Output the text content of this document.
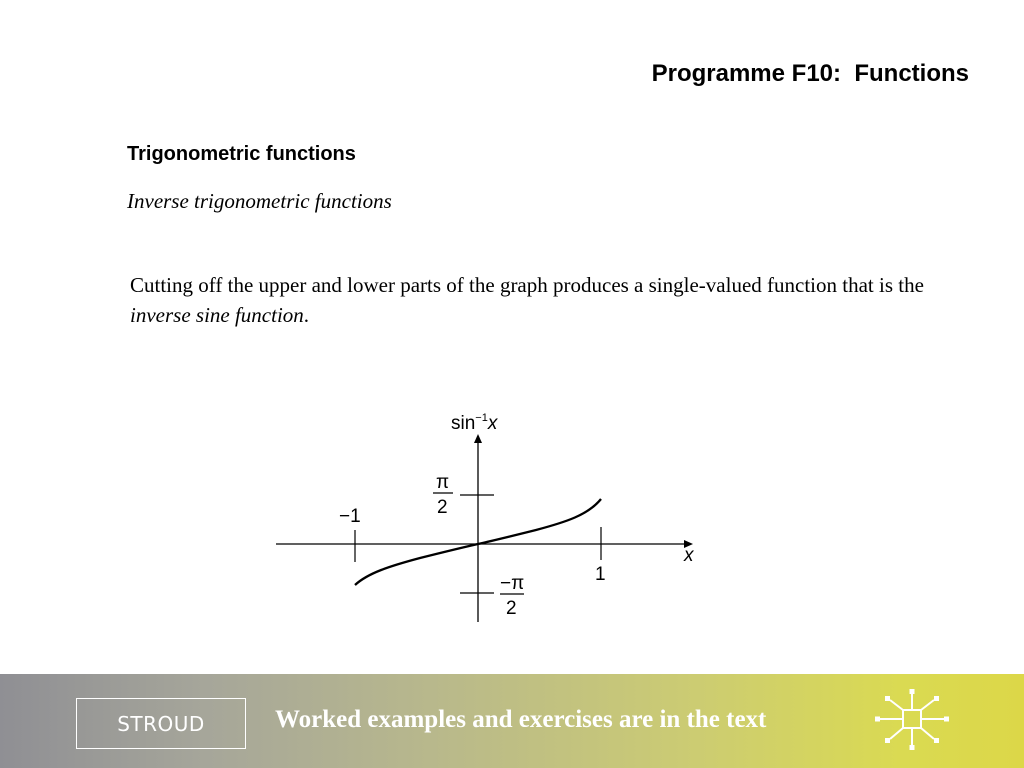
Programme F10:  Functions
Trigonometric functions
Inverse trigonometric functions
Cutting off the upper and lower parts of the graph produces a single-valued function that is the inverse sine function.
$\sin^{-1}x$
x
−1
1
π
2
−π
2
STROUD	Worked examples and exercises are in the text
